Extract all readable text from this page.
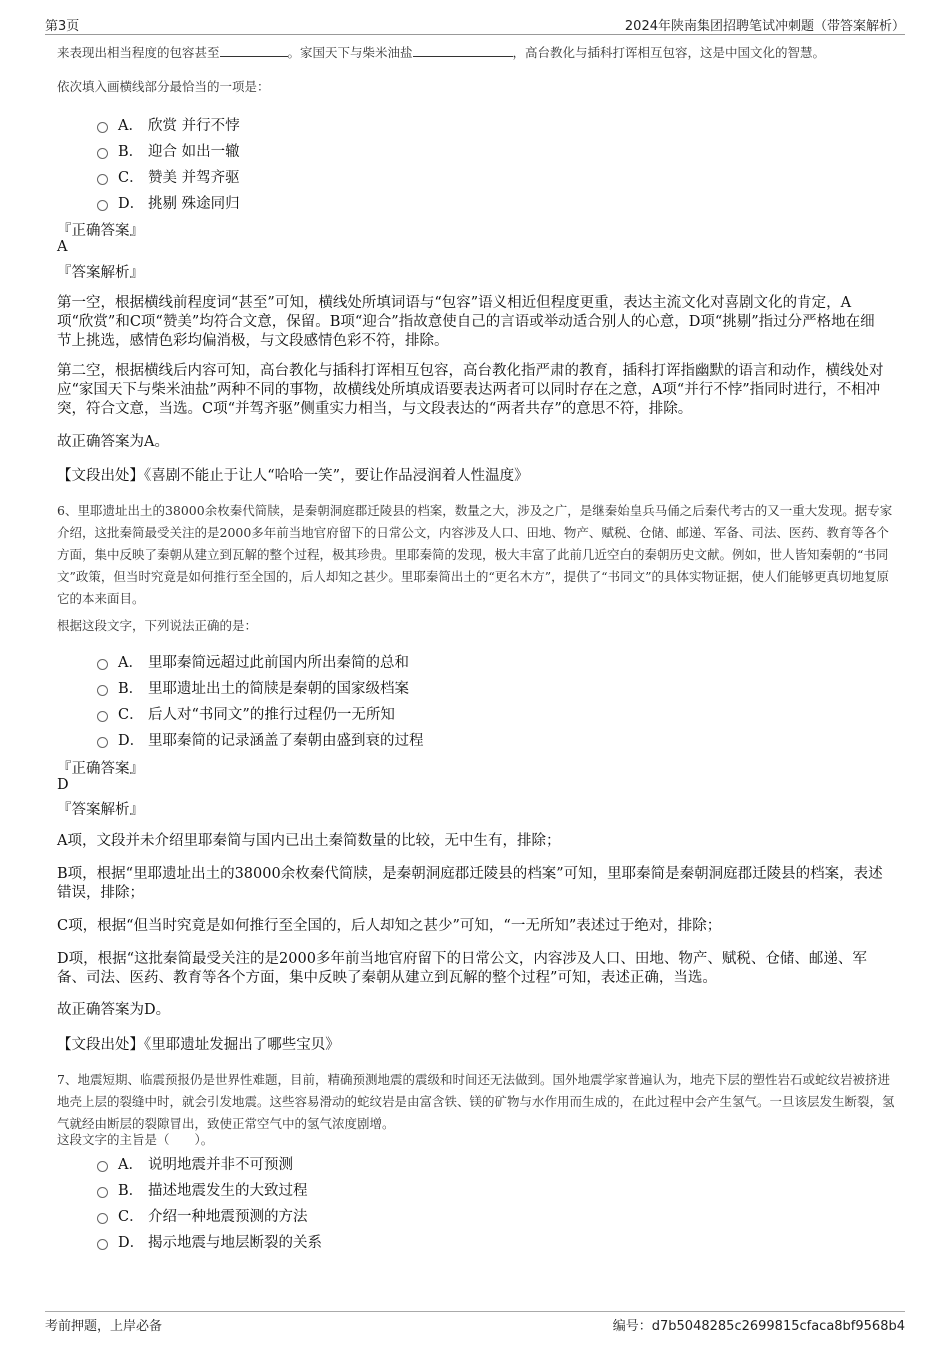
第3页	2024年陕南集团招聘笔试冲刺题（带答案解析）
来表现出相当程度的包容甚至	。家国天下与柴米油盐	，高台教化与插科打诨相互包容，这是中国文化的智慧。
依次填入画横线部分最恰当的一项是：
A． 欣赏 并行不悖
B． 迎合 如出一辙
C． 赞美 并驾齐驱
D． 挑剔 殊途同归
『正确答案』
A
『答案解析』
第一空，根据横线前程度词“甚至”可知，横线处所填词语与“包容”语义相近但程度更重，表达主流文化对喜剧文化的肯定，A项“欣赏”和C项“赞美”均符合文意，保留。B项“迎合”指故意使自己的言语或举动适合别人的心意，D项“挑剔”指过分严格地在细节上挑选，感情色彩均偏消极，与文段感情色彩不符，排除。
第二空，根据横线后内容可知，高台教化与插科打诨相互包容，高台教化指严肃的教育，插科打诨指幽默的语言和动作，横线处对应“家国天下与柴米油盐”两种不同的事物，故横线处所填成语要表达两者可以同时存在之意，A项“并行不悖”指同时进行，不相冲突，符合文意，当选。C项“并驾齐驱”侧重实力相当，与文段表达的“两者共存”的意思不符，排除。
故正确答案为A。
【文段出处】《喜剧不能止于让人“哈哈一笑”，要让作品浸润着人性温度》
6、里耶遗址出土的38000余枚秦代简牍，是秦朝洞庭郡迁陵县的档案，数量之大，涉及之广，是继秦始皇兵马俑之后秦代考古的又一重大发现。据专家介绍，这批秦简最受关注的是2000多年前当地官府留下的日常公文，内容涉及人口、田地、物产、赋税、仓储、邮递、军备、司法、医药、教育等各个方面，集中反映了秦朝从建立到瓦解的整个过程，极其珍贵。里耶秦简的发现，极大丰富了此前几近空白的秦朝历史文献。例如，世人皆知秦朝的“书同文”政策，但当时究竟是如何推行至全国的，后人却知之甚少。里耶秦简出土的“更名木方”，提供了“书同文”的具体实物证据，使人们能够更真切地复原它的本来面目。
根据这段文字，下列说法正确的是：
A． 里耶秦简远超过此前国内所出秦简的总和
B． 里耶遗址出土的简牍是秦朝的国家级档案
C． 后人对“书同文”的推行过程仍一无所知
D． 里耶秦简的记录涵盖了秦朝由盛到衰的过程
『正确答案』
D
『答案解析』
A项，文段并未介绍里耶秦简与国内已出土秦简数量的比较，无中生有，排除；
B项，根据“里耶遗址出土的38000余枚秦代简牍，是秦朝洞庭郡迁陵县的档案”可知，里耶秦简是秦朝洞庭郡迁陵县的档案，表述错误，排除；
C项，根据“但当时究竟是如何推行至全国的，后人却知之甚少”可知，“一无所知”表述过于绝对，排除；
D项，根据“这批秦简最受关注的是2000多年前当地官府留下的日常公文，内容涉及人口、田地、物产、赋税、仓储、邮递、军备、司法、医药、教育等各个方面，集中反映了秦朝从建立到瓦解的整个过程”可知，表述正确，当选。
故正确答案为D。
【文段出处】《里耶遗址发掘出了哪些宝贝》
7、地震短期、临震预报仍是世界性难题，目前，精确预测地震的震级和时间还无法做到。国外地震学家普遍认为，地壳下层的塑性岩石或蛇纹岩被挤进地壳上层的裂缝中时，就会引发地震。这些容易滑动的蛇纹岩是由富含铁、镁的矿物与水作用而生成的，在此过程中会产生氢气。一旦该层发生断裂，氢气就经由断层的裂隙冒出，致使正常空气中的氢气浓度剧增。
这段文字的主旨是（　　）。
A． 说明地震并非不可预测
B． 描述地震发生的大致过程
C． 介绍一种地震预测的方法
D． 揭示地震与地层断裂的关系
考前押题，上岸必备	编号：d7b5048285c2699815cfaca8bf9568b4
